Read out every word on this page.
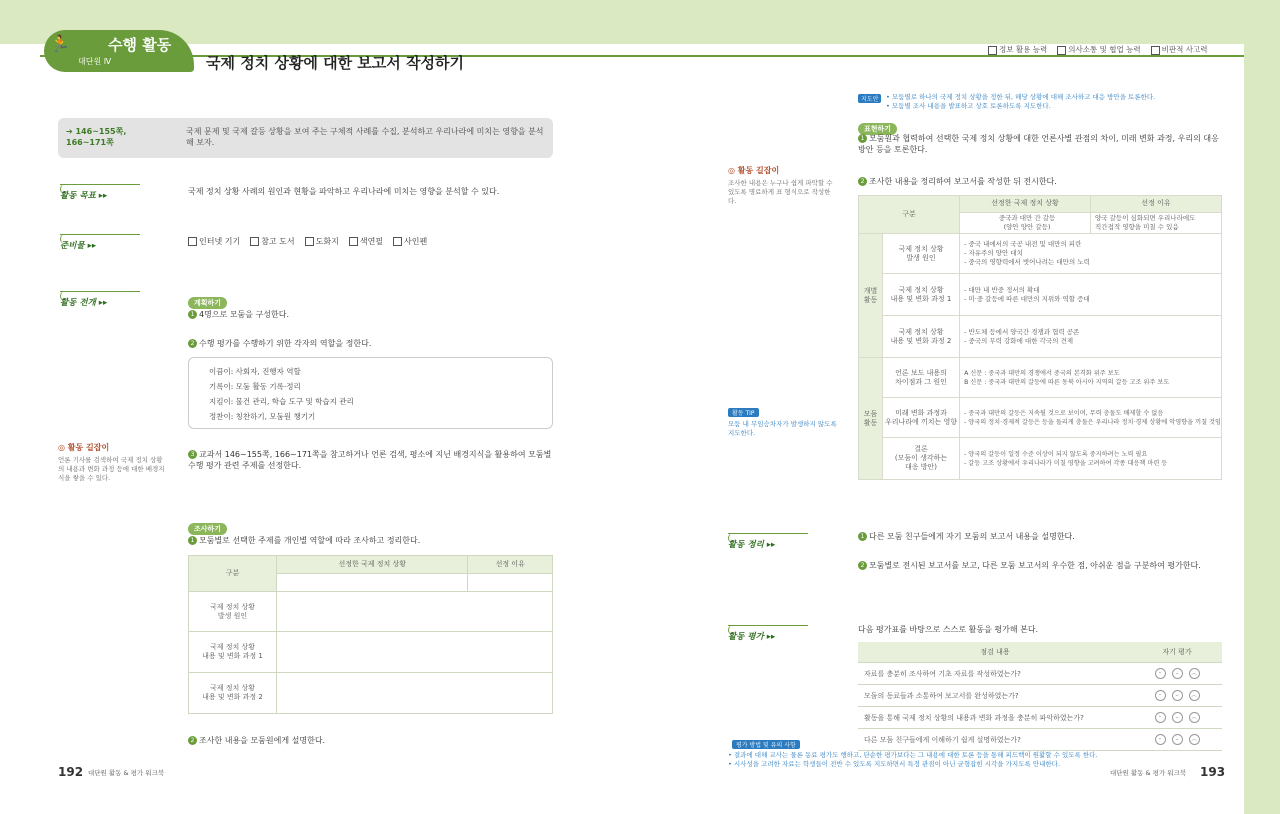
🏃	수행 활동
대단원 Ⅳ	국제 정치 상황에 대한 보고서 작성하기
정보 활용 능력	의사소통 및 협업 능력	비판적 사고력
➔ 146~155쪽,
166~171쪽
국제 문제 및 국제 갈등 상황을 보여 주는 구체적 사례를 수집, 분석하고 우리나라에 미치는 영향을 분석해 보자.
활동 목표 ▸▸	국제 정치 상황 사례의 원인과 현황을 파악하고 우리나라에 미치는 영향을 분석할 수 있다.
준비물 ▸▸	인터넷 기기	참고 도서	도화지	색연필	사인펜
활동 전개 ▸▸	계획하기
1 4명으로 모둠을 구성한다.
2 수행 평가를 수행하기 위한 각자의 역할을 정한다.
이끔이: 사회자, 진행자 역할
기록이: 모둠 활동 기록·정리
지킴이: 물건 관리, 학습 도구 및 학습지 관리
정찬이: 칭찬하기, 모둠원 챙기기
◎ 활동 길잡이
언론 기사를 검색하여 국제 정치 상황의 내용과 변화 과정 등에 대한 배경지식을 쌓을 수 있다.
3 교과서 146~155쪽, 166~171쪽을 참고하거나 언론 검색, 평소에 지닌 배경지식을 활용하여 모둠별 수행 평가 관련 주제를 선정한다.
조사하기
1 모둠별로 선택한 주제를 개인별 역할에 따라 조사하고 정리한다.
구분	선정한 국제 정치 상황	선정 이유

국제 정치 상황
발생 원인		
국제 정치 상황
내용 및 변화 과정 1		
국제 정치 상황
내용 및 변화 과정 2		
2 조사한 내용을 모둠원에게 설명한다.
192 대단원 활동 & 평가 워크북
지도안	• 모둠별로 하나의 국제 정치 상황을 정한 뒤, 해당 상황에 대해 조사하고 대응 방안을 토론한다.
• 모둠별 조사 내용을 발표하고 상호 토론하도록 지도한다.
표현하기
1 모둠원과 협력하여 선택한 국제 정치 상황에 대한 언론사별 관점의 차이, 미래 변화 과정, 우리의 대응 방안 등을 토론한다.
2 조사한 내용을 정리하여 보고서를 작성한 뒤 전시한다.
◎ 활동 길잡이
조사한 내용은 누구나 쉽게 파악할 수 있도록 명료하게 표 형식으로 작성한다.
활동 TIP
모둠 내 무임승차자가 발생하지 않도록 지도한다.
구분		선정한 국제 정치 상황	선정 이유
		중국과 대만 간 갈등
(양안 양안 갈등)	양국 갈등이 심화되면 우리나라에도
직간접적 영향을 미칠 수 있음
개별
활동	국제 정치 상황
발생 원인	- 중국 내에서의 국공 내전 및 대만의 피란
- 자유주의 양안 대치
- 중국의 영향력에서 벗어나려는 대만의 노력	
	국제 정치 상황
내용 및 변화 과정 1	- 대만 내 반중 정서의 확대
- 미·중 갈등에 따른 대만의 지위와 역할 증대	
	국제 정치 상황
내용 및 변화 과정 2	- 반도체 등에서 양국간 경쟁과 협력 공존
- 중국의 무력 강화에 대한 각국의 견제	
모둠
활동	언론 보도 내용의
차이점과 그 원인	A 신문 : 중국과 대만의 경쟁에서 중국의 본격화 위주 보도
B 신문 : 중국과 대만의 갈등에 따른 동북 아시아 지역의 갈등 고조 위주 보도	
	미래 변화 과정과
우리나라에 끼치는 영향	- 중국과 대만의 갈등은 지속될 것으로 보이며, 무력 충돌도 배제할 수 없음
- 양국의 정치·경제적 갈등은 등을 돌리게 충돌은 우리나라 정치·경제 상황에 악영향을 끼칠 것임	
	결론
(모둠이 생각하는
대응 방안)	- 양국의 갈등이 일정 수준 이상이 되지 않도록 중지하려는 노력 필요
- 갈등 고조 상황에서 우리나라가 미칠 영향을 고려하여 각종 대응책 마련 등	
활동 정리 ▸▸
1 다른 모둠 친구들에게 자기 모둠의 보고서 내용을 설명한다.
2 모둠별로 전시된 보고서를 보고, 다른 모둠 보고서의 우수한 점, 아쉬운 점을 구분하여 평가한다.
활동 평가 ▸▸
다음 평가표를 바탕으로 스스로 활동을 평가해 본다.
점검 내용	자기 평가
자료를 충분히 조사하여 기초 자료를 작성하였는가?	ᵕ – ︵
모둠의 동료들과 소통하여 보고서를 완성하였는가?	ᵕ – ︵
활동을 통해 국제 정치 상황의 내용과 변화 과정을 충분히 파악하였는가?	ᵕ – ︵
다른 모둠 친구들에게 이해하기 쉽게 설명하였는가?	ᵕ – ︵
평가 방법 및 유의 사항
• 결과에 대해 교사는 물론 동료 평가도 행하고, 단순한 평가보다는 그 내용에 대한 토론 등을 통해 피드백이 원활할 수 있도록 한다.
• 시사성을 고려한 자료는 학생들이 전반 수 있도록 지도하면서 특정 관점이 아닌 균형잡힌 시각을 가지도록 안내한다.
대단원 활동 & 평가 워크북 193
